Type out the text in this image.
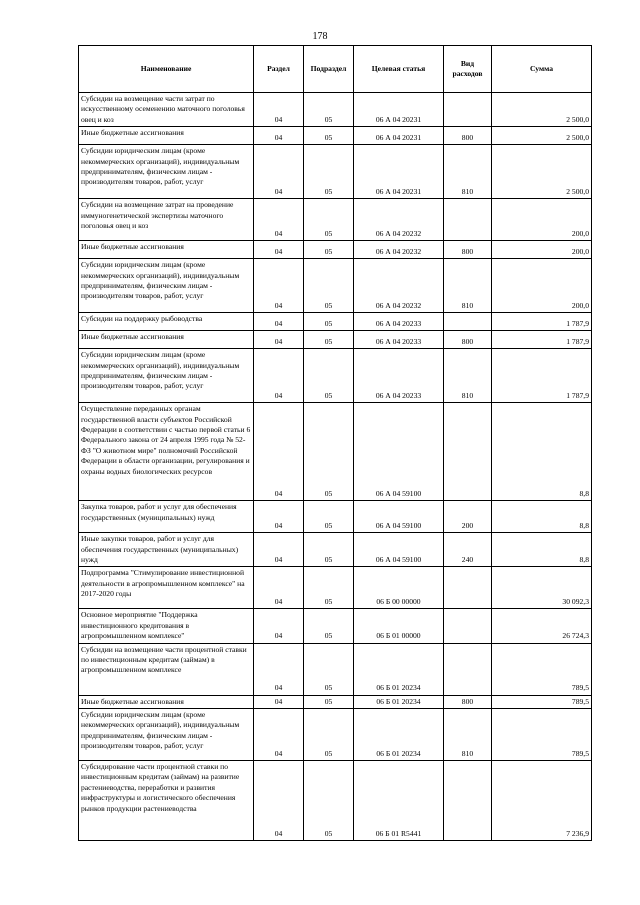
178
Наименование	Раздел	Подраздел	Целевая статья	Вид расходов	Сумма
Субсидии на возмещение части затрат по искусственному осеменению маточного поголовья овец и коз	04	05	06 А 04 20231		2 500,0
Иные бюджетные ассигнования	04	05	06 А 04 20231	800	2 500,0
Субсидии юридическим лицам (кроме некоммерческих организаций), индивидуальным предпринимателям, физическим лицам - производителям товаров, работ, услуг	04	05	06 А 04 20231	810	2 500,0
Субсидии на возмещение затрат на проведение иммуногенетической экспертизы маточного поголовья овец и коз	04	05	06 А 04 20232		200,0
Иные бюджетные ассигнования	04	05	06 А 04 20232	800	200,0
Субсидии юридическим лицам (кроме некоммерческих организаций), индивидуальным предпринимателям, физическим лицам - производителям товаров, работ, услуг	04	05	06 А 04 20232	810	200,0
Субсидии на поддержку рыбоводства	04	05	06 А 04 20233		1 787,9
Иные бюджетные ассигнования	04	05	06 А 04 20233	800	1 787,9
Субсидии юридическим лицам (кроме некоммерческих организаций), индивидуальным предпринимателям, физическим лицам - производителям товаров, работ, услуг	04	05	06 А 04 20233	810	1 787,9
Осуществление переданных органам государственной власти субъектов Российской Федерации в соответствии с частью первой статьи 6 Федерального закона от 24 апреля 1995 года № 52-ФЗ "О животном мире" полномочий Российской Федерации в области организации, регулирования и охраны водных биологических ресурсов	04	05	06 А 04 59100		8,8
Закупка товаров, работ и услуг для обеспечения государственных (муниципальных) нужд	04	05	06 А 04 59100	200	8,8
Иные закупки товаров, работ и услуг для обеспечения государственных (муниципальных) нужд	04	05	06 А 04 59100	240	8,8
Подпрограмма "Стимулирование инвестиционной деятельности в агропромышленном комплексе" на 2017-2020 годы	04	05	06 Б 00 00000		30 092,3
Основное мероприятие "Поддержка инвестиционного кредитования в агропромышленном комплексе"	04	05	06 Б 01 00000		26 724,3
Субсидии на возмещение части процентной ставки по инвестиционным кредитам (займам) в агропромышленном комплексе	04	05	06 Б 01 20234		789,5
Иные бюджетные ассигнования	04	05	06 Б 01 20234	800	789,5
Субсидии юридическим лицам (кроме некоммерческих организаций), индивидуальным предпринимателям, физическим лицам - производителям товаров, работ, услуг	04	05	06 Б 01 20234	810	789,5
Субсидирование части процентной ставки по инвестиционным кредитам (займам) на развитие растениеводства, переработки и развития инфраструктуры и логистического обеспечения рынков продукции растениеводства	04	05	06 Б 01 R5441		7 236,9
